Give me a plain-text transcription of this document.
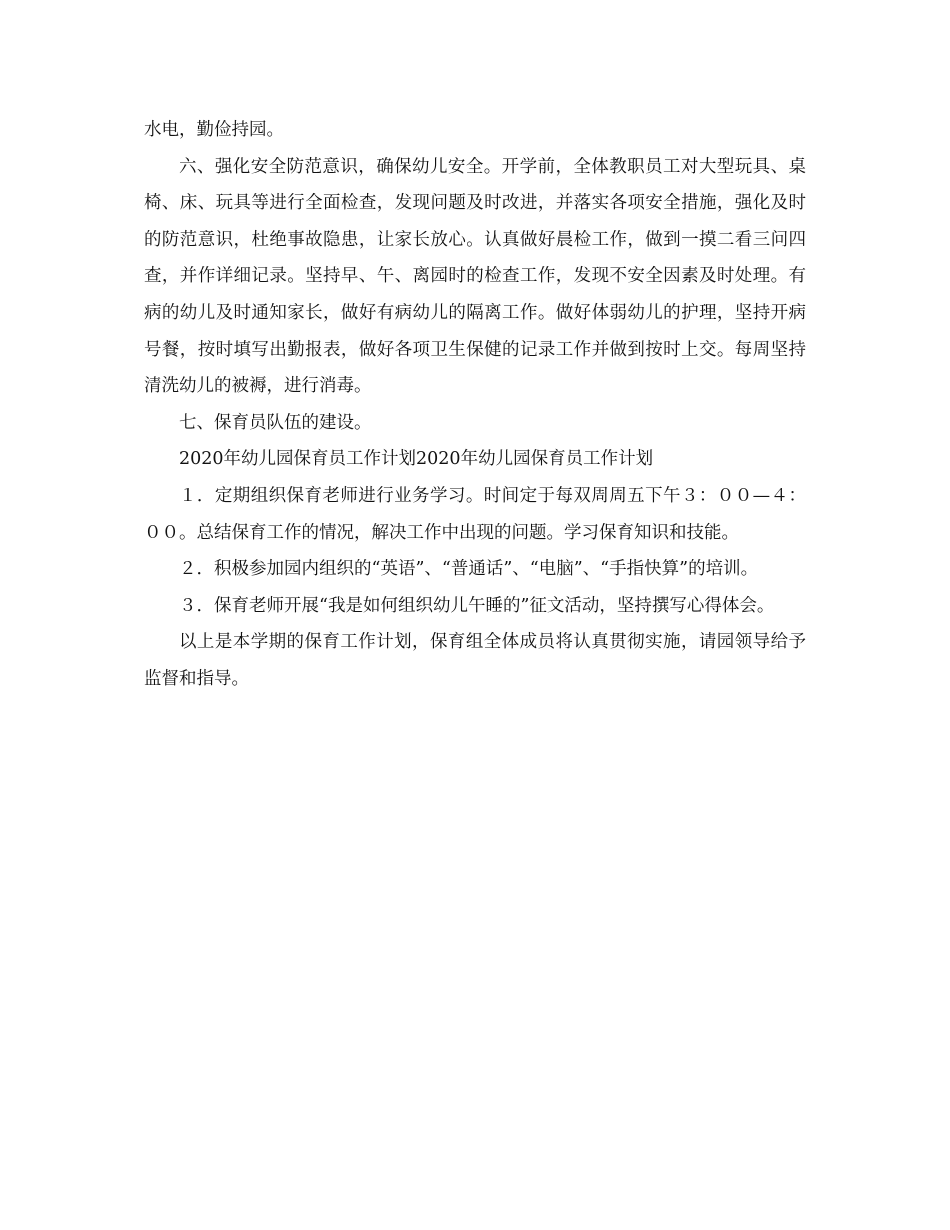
水电，勤俭持园。

六、强化安全防范意识，确保幼儿安全。开学前，全体教职员工对大型玩具、桌椅、床、玩具等进行全面检查，发现问题及时改进，并落实各项安全措施，强化及时的防范意识，杜绝事故隐患，让家长放心。认真做好晨检工作，做到一摸二看三问四查，并作详细记录。坚持早、午、离园时的检查工作，发现不安全因素及时处理。有病的幼儿及时通知家长，做好有病幼儿的隔离工作。做好体弱幼儿的护理，坚持开病号餐，按时填写出勤报表，做好各项卫生保健的记录工作并做到按时上交。每周坚持清洗幼儿的被褥，进行消毒。

七、保育员队伍的建设。

2020年幼儿园保育员工作计划2020年幼儿园保育员工作计划

１．定期组织保育老师进行业务学习。时间定于每双周周五下午３：００—４：００。总结保育工作的情况，解决工作中出现的问题。学习保育知识和技能。

２．积极参加园内组织的“英语”、“普通话”、“电脑”、“手指快算”的培训。

３．保育老师开展“我是如何组织幼儿午睡的”征文活动，坚持撰写心得体会。

以上是本学期的保育工作计划，保育组全体成员将认真贯彻实施，请园领导给予监督和指导。
